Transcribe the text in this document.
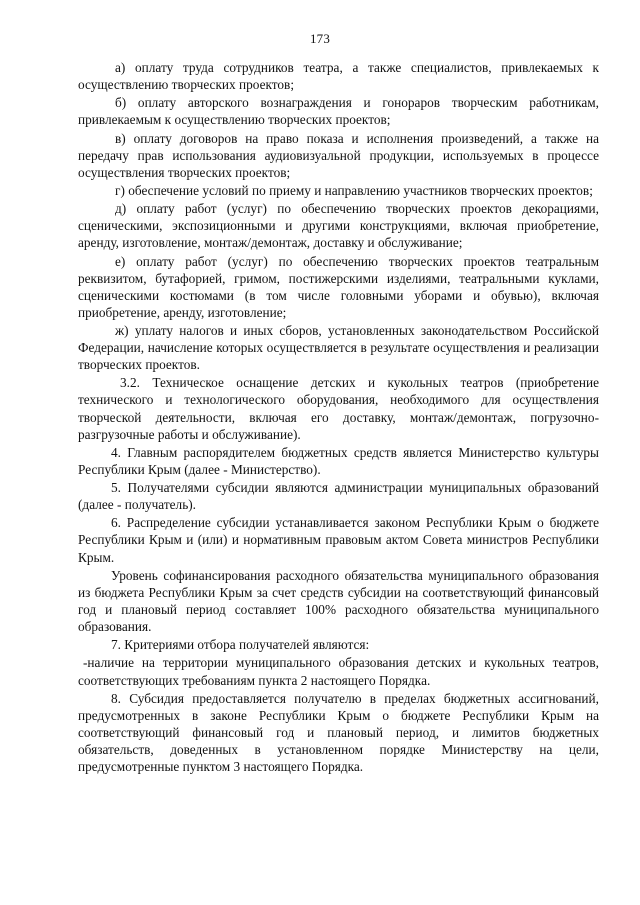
173

а) оплату труда сотрудников театра, а также специалистов, привлекаемых к осуществлению творческих проектов;

б) оплату авторского вознаграждения и гонораров творческим работникам, привлекаемым к осуществлению творческих проектов;

в) оплату договоров на право показа и исполнения произведений, а также на передачу прав использования аудиовизуальной продукции, используемых в процессе осуществления творческих проектов;

г) обеспечение условий по приему и направлению участников творческих проектов;

д) оплату работ (услуг) по обеспечению творческих проектов декорациями, сценическими, экспозиционными и другими конструкциями, включая приобретение, аренду, изготовление, монтаж/демонтаж, доставку и обслуживание;

е) оплату работ (услуг) по обеспечению творческих проектов театральным реквизитом, бутафорией, гримом, постижерскими изделиями, театральными куклами, сценическими костюмами (в том числе головными уборами и обувью), включая приобретение, аренду, изготовление;

ж) уплату налогов и иных сборов, установленных законодательством Российской Федерации, начисление которых осуществляется в результате осуществления и реализации творческих проектов.

3.2. Техническое оснащение детских и кукольных театров (приобретение технического и технологического оборудования, необходимого для осуществления творческой деятельности, включая его доставку, монтаж/демонтаж, погрузочно-разгрузочные работы и обслуживание).

4. Главным распорядителем бюджетных средств является Министерство культуры Республики Крым (далее - Министерство).

5. Получателями субсидии являются администрации муниципальных образований (далее - получатель).

6. Распределение субсидии устанавливается законом Республики Крым о бюджете Республики Крым и (или) и нормативным правовым актом Совета министров Республики Крым.

Уровень софинансирования расходного обязательства муниципального образования из бюджета Республики Крым за счет средств субсидии на соответствующий финансовый год и плановый период составляет 100% расходного обязательства муниципального образования.

7. Критериями отбора получателей являются:

-наличие на территории муниципального образования детских и кукольных театров, соответствующих требованиям пункта 2 настоящего Порядка.

8. Субсидия предоставляется получателю в пределах бюджетных ассигнований, предусмотренных в законе Республики Крым о бюджете Республики Крым на соответствующий финансовый год и плановый период, и лимитов бюджетных обязательств, доведенных в установленном порядке Министерству на цели, предусмотренные пунктом 3 настоящего Порядка.
